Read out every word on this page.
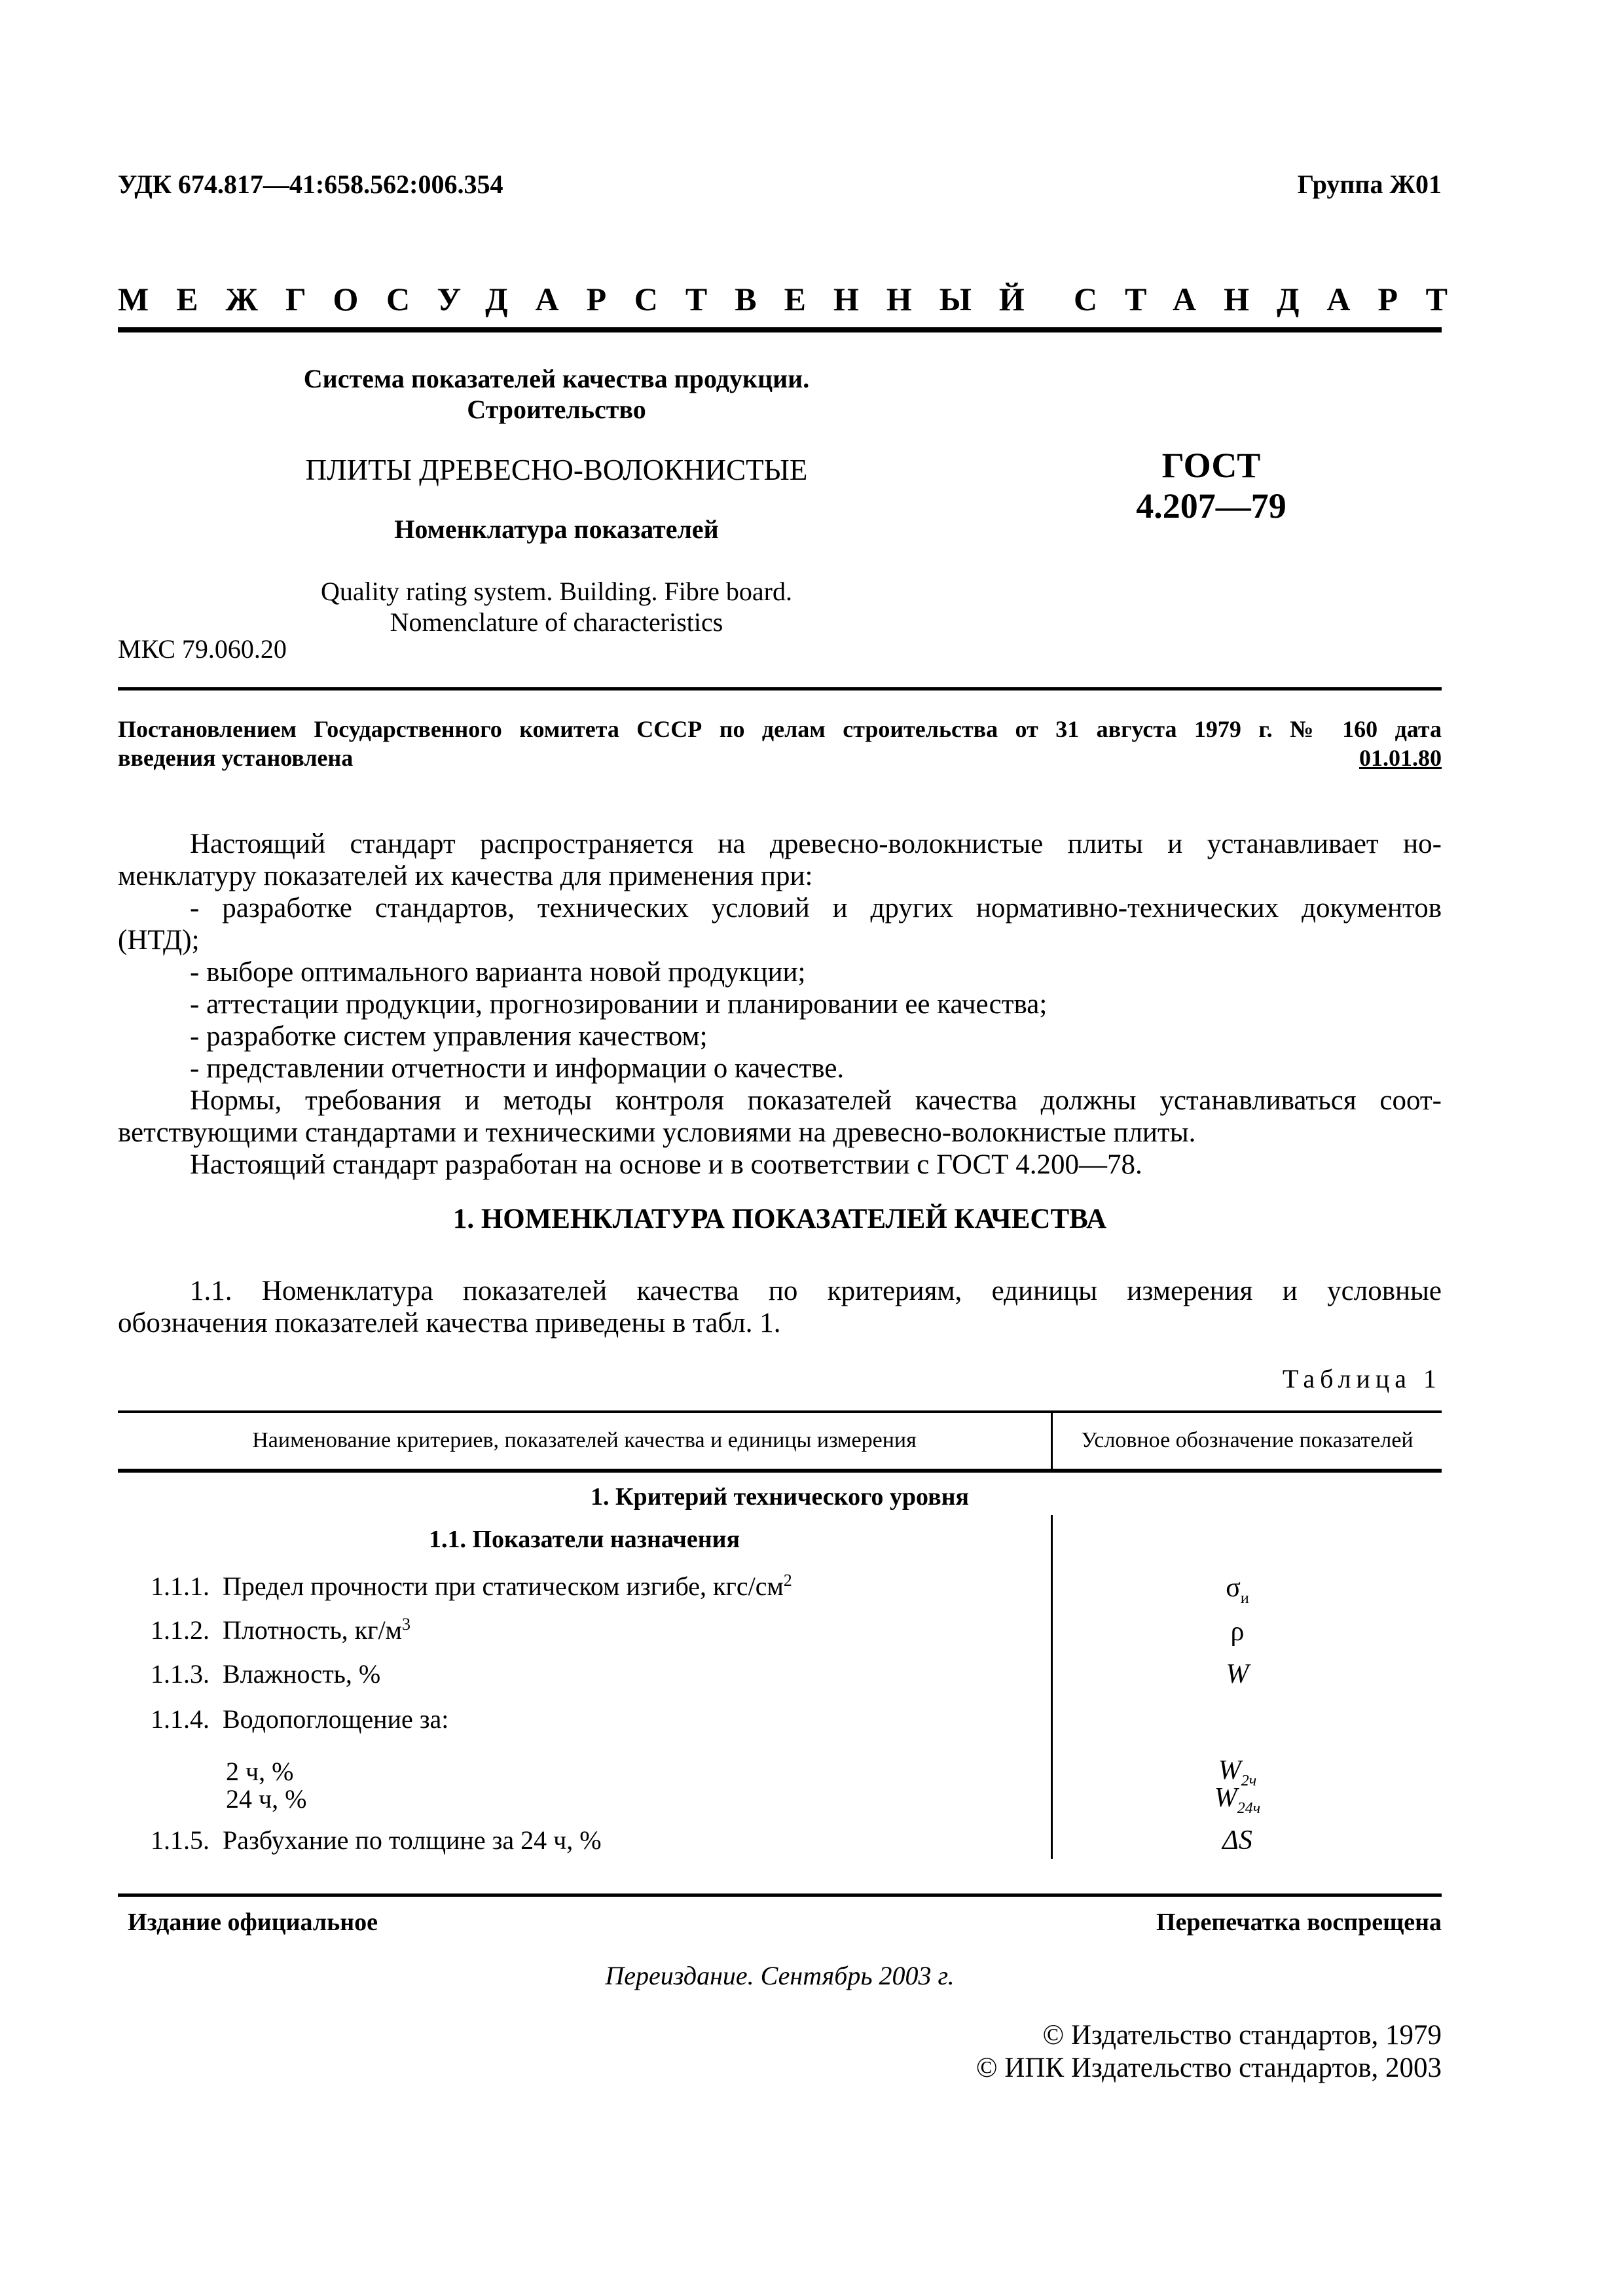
УДК 674.817—41:658.562:006.354	Группа Ж01
МЕЖГОСУДАРСТВЕННЫЙ СТАНДАРТ
Система показателей качества продукции.
Строительство
ПЛИТЫ ДРЕВЕСНО-ВОЛОКНИСТЫЕ
Номенклатура показателей
Quality rating system. Building. Fibre board.
Nomenclature of characteristics
МКС 79.060.20
ГОСТ
4.207—79
Постановлением Государственного комитета СССР по делам строительства от 31 августа 1979 г. № 160 дата
введения установлена	01.01.80

Настоящий стандарт распространяется на древесно-волокнистые плиты и устанавливает но-

менклатуру показателей их качества для применения при:

- разработке стандартов, технических условий и других нормативно-технических документов

(НТД);

- выборе оптимального варианта новой продукции;

- аттестации продукции, прогнозировании и планировании ее качества;

- разработке систем управления качеством;

- представлении отчетности и информации о качестве.

Нормы, требования и методы контроля показателей качества должны устанавливаться соот-

ветствующими стандартами и техническими условиями на древесно-волокнистые плиты.

Настоящий стандарт разработан на основе и в соответствии с ГОСТ 4.200—78.

1. НОМЕНКЛАТУРА ПОКАЗАТЕЛЕЙ КАЧЕСТВА

1.1. Номенклатура показателей качества по критериям, единицы измерения и условные

обозначения показателей качества приведены в табл. 1.

Таблица 1
Наименование критериев, показателей качества и единицы измерения	Условное обозначение показателей
1. Критерий технического уровня
1.1. Показатели назначения
1.1.1. Предел прочности при статическом изгибе, кгс/$см^2$	$\sigma_и$
1.1.2. Плотность, $кг/м^3$	ρ
1.1.3. Влажность, %	W
1.1.4. Водопоглощение за:
2 ч, %	$W_{2ч}$
24 ч, %	$W_{24ч}$
1.1.5. Разбухание по толщине за 24 ч, %	ΔS
Издание официальное	Перепечатка воспрещена
Переиздание. Сентябрь 2003 г.
© Издательство стандартов, 1979
© ИПК Издательство стандартов, 2003
